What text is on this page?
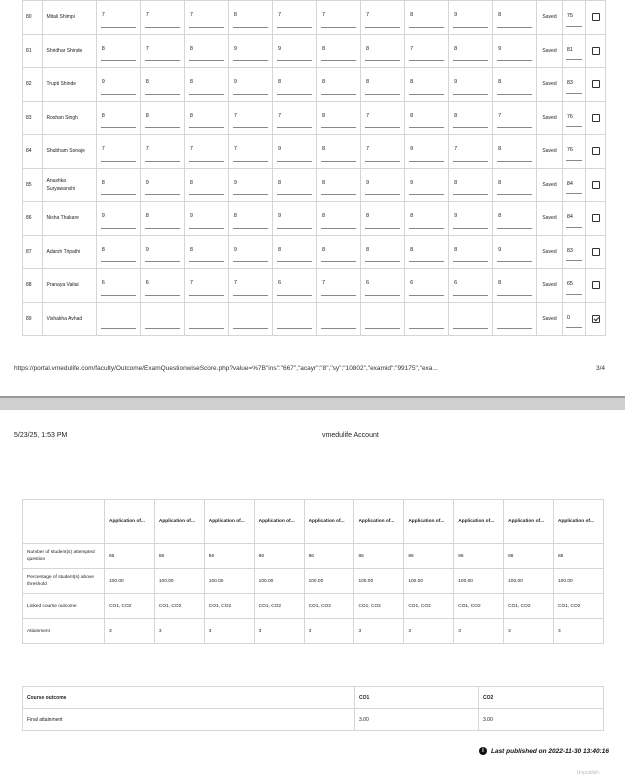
80	Mitali Shimpi	7	7	7	8	7	7	7	8	9	8	Saved	75	

81	Shridhar Shinde	8	7	8	9	9	8	8	7	8	9	Saved	81	

82	Trupti Shinde	9	8	8	9	8	8	8	8	9	8	Saved	83	

83	Roshan Singh	8	8	8	7	7	8	7	8	8	7	Saved	76	

84	Shubham Sonaje	7	7	7	7	9	8	7	9	7	8	Saved	76	

85	Anushka Suryawanshi	8	9	8	9	8	8	9	9	8	8	Saved	84	

86	Nisha Thakare	9	8	9	8	9	8	8	8	9	8	Saved	84	

87	Adarsh Tripathi	8	9	8	9	8	8	8	8	8	9	Saved	83	

88	Pranaya Vaitai	6	6	7	7	6	7	6	6	6	8	Saved	65	

89	Vishakha Avhad											Saved	0	

https://portal.vmedulife.com/faculty/Outcome/ExamQuestionwiseScore.php?value=%7B"ins":"667","acayr":"8","sy":"10802","examid":"99175","exa...	3/4
5/23/25, 1:53 PM	vmedulife Account
	Application of...	Application of...	Application of...	Application of...	Application of...	Application of...	Application of...	Application of...	Application of...	Application of...
Number of student(s) attempted question	86	86	86	86	86	86	86	86	86	86
Percentage of student(s) above threshold	100.00	100.00	100.00	100.00	100.00	100.00	100.00	100.00	100.00	100.00
Linked course outcome	CO1, CO2	CO1, CO2	CO1, CO2	CO1, CO2	CO1, CO2	CO1, CO2	CO1, CO2	CO1, CO2	CO1, CO2	CO1, CO2
Attainment	3	3	3	3	3	3	3	3	3	3
Course outcome	CO1	CO2
Final attainment	3.00	3.00
i	Last published on 2022-11-30 13:40:16
Unpublish
